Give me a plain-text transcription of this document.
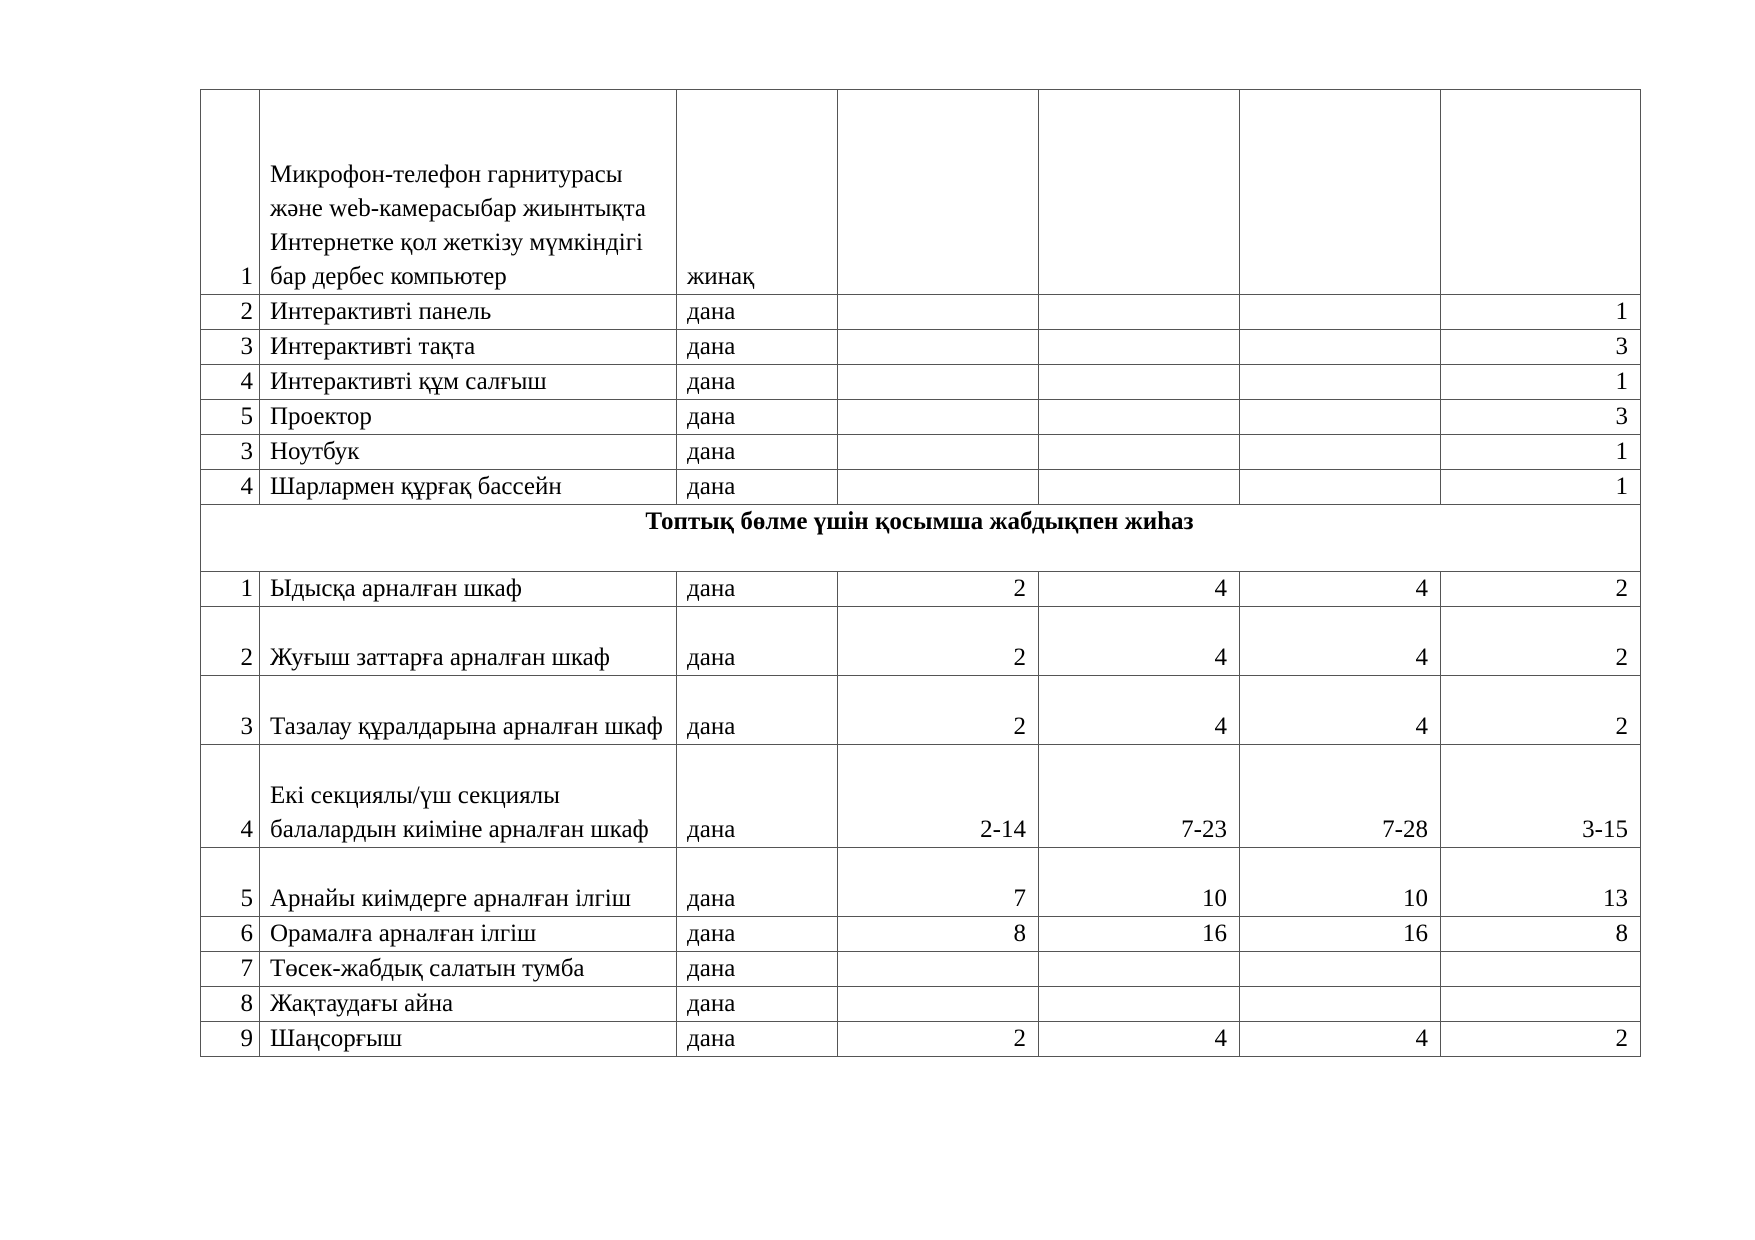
1	Микрофон-телефон гарнитурасы және web-камерасыбар жиынтықта Интернетке қол жеткізу мүмкіндігі бар дербес компьютер	жинақ				
2	Интерактивті панель	дана				1
3	Интерактивті тақта	дана				3
4	Интерактивті құм салғыш	дана				1
5	Проектор	дана				3
3	Ноутбук	дана				1
4	Шарлармен құрғақ бассейн	дана				1
Топтық бөлме үшін қосымша жабдықпен жиһаз						
1	Ыдысқа арналған шкаф	дана	2	4	4	2
2	Жуғыш заттарға арналған шкаф	дана	2	4	4	2
3	Тазалау құралдарына арналған шкаф	дана	2	4	4	2
4	Екі секциялы/үш секциялы балалардын киіміне арналған шкаф	дана	2-14	7-23	7-28	3-15
5	Арнайы киімдерге арналған ілгіш	дана	7	10	10	13
6	Орамалға арналған ілгіш	дана	8	16	16	8
7	Төсек-жабдық салатын тумба	дана				
8	Жақтаудағы айна	дана				
9	Шаңсорғыш	дана	2	4	4	2
